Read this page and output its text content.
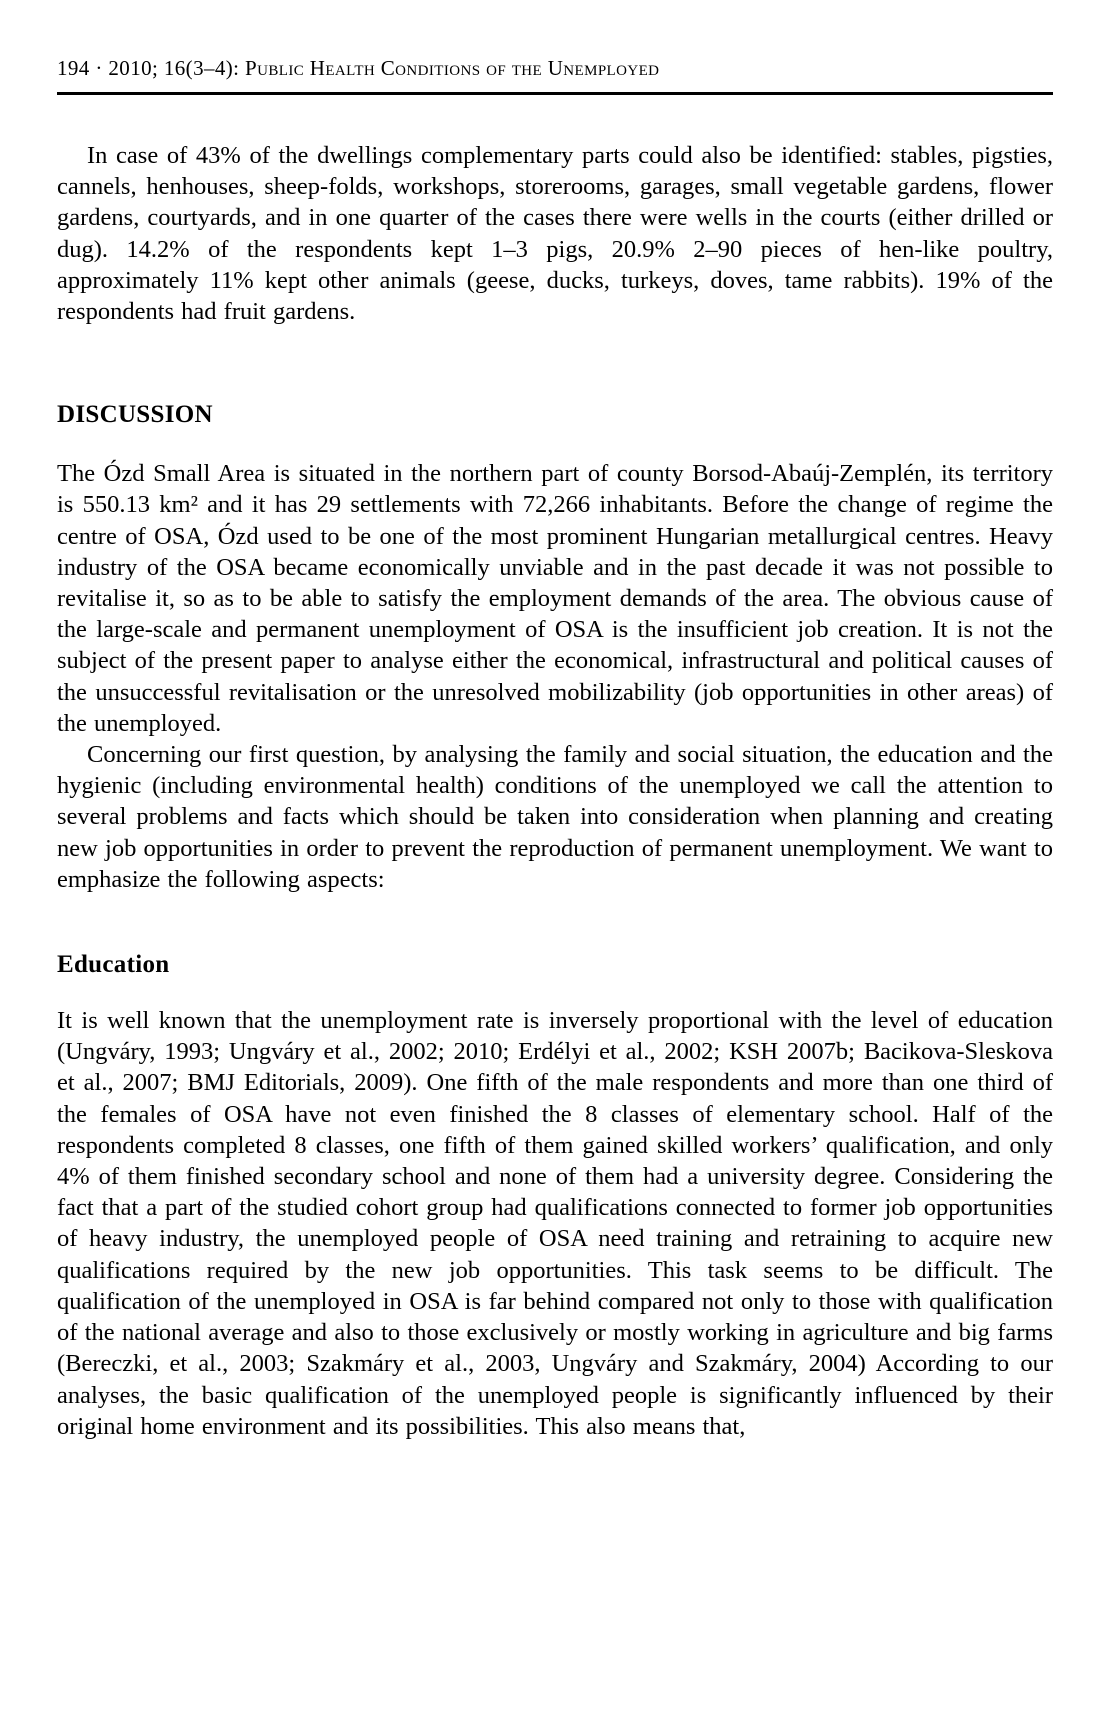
194 · 2010; 16(3–4): Public Health Conditions of the Unemployed

In case of 43% of the dwellings complementary parts could also be identified: stables, pigsties, cannels, henhouses, sheep-folds, workshops, storerooms, garages, small vegetable gardens, flower gardens, courtyards, and in one quarter of the cases there were wells in the courts (either drilled or dug). 14.2% of the respondents kept 1–3 pigs, 20.9% 2–90 pieces of hen-like poultry, approximately 11% kept other animals (geese, ducks, turkeys, doves, tame rabbits). 19% of the respondents had fruit gardens.

DISCUSSION

The Ózd Small Area is situated in the northern part of county Borsod-Abaúj-Zemplén, its territory is 550.13 km² and it has 29 settlements with 72,266 inhabitants. Before the change of regime the centre of OSA, Ózd used to be one of the most prominent Hungarian metallurgical centres. Heavy industry of the OSA became economically unviable and in the past decade it was not possible to revitalise it, so as to be able to satisfy the employment demands of the area. The obvious cause of the large-scale and permanent unemployment of OSA is the insufficient job creation. It is not the subject of the present paper to analyse either the economical, infrastructural and political causes of the unsuccessful revitalisation or the unresolved mobilizability (job opportunities in other areas) of the unemployed.

Concerning our first question, by analysing the family and social situation, the education and the hygienic (including environmental health) conditions of the unemployed we call the attention to several problems and facts which should be taken into consideration when planning and creating new job opportunities in order to prevent the reproduction of permanent unemployment. We want to emphasize the following aspects:

Education

It is well known that the unemployment rate is inversely proportional with the level of education (Ungváry, 1993; Ungváry et al., 2002; 2010; Erdélyi et al., 2002; KSH 2007b; Bacikova-Sleskova et al., 2007; BMJ Editorials, 2009). One fifth of the male respondents and more than one third of the females of OSA have not even finished the 8 classes of elementary school. Half of the respondents completed 8 classes, one fifth of them gained skilled workers’ qualification, and only 4% of them finished secondary school and none of them had a university degree. Considering the fact that a part of the studied cohort group had qualifications connected to former job opportunities of heavy industry, the unemployed people of OSA need training and retraining to acquire new qualifications required by the new job opportunities. This task seems to be difficult. The qualification of the unemployed in OSA is far behind compared not only to those with qualification of the national average and also to those exclusively or mostly working in agriculture and big farms (Bereczki, et al., 2003; Szakmáry et al., 2003, Ungváry and Szakmáry, 2004) According to our analyses, the basic qualification of the unemployed people is significantly influenced by their original home environment and its possibilities. This also means that,
